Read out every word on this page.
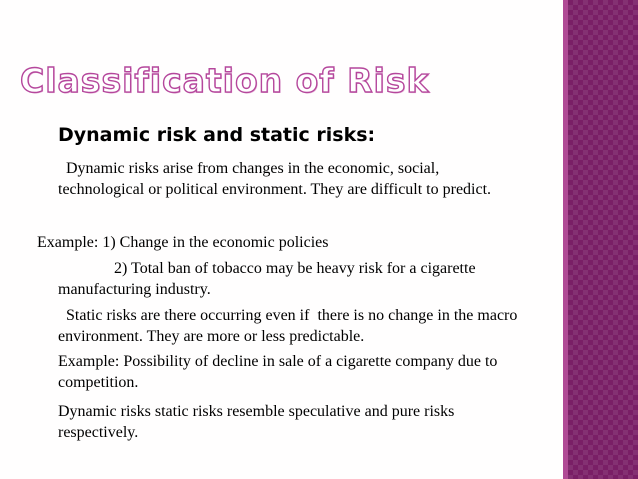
Classification of Risk
Dynamic risk and static risks:
Dynamic risks arise from changes in the economic, social, technological or political environment. They are difficult to predict.
Example: 1) Change in the economic policies
2) Total ban of tobacco may be heavy risk for a cigarette manufacturing industry.
Static risks are there occurring even if  there is no change in the macro environment. They are more or less predictable.
Example: Possibility of decline in sale of a cigarette company due to competition.
Dynamic risks static risks resemble speculative and pure risks respectively.
